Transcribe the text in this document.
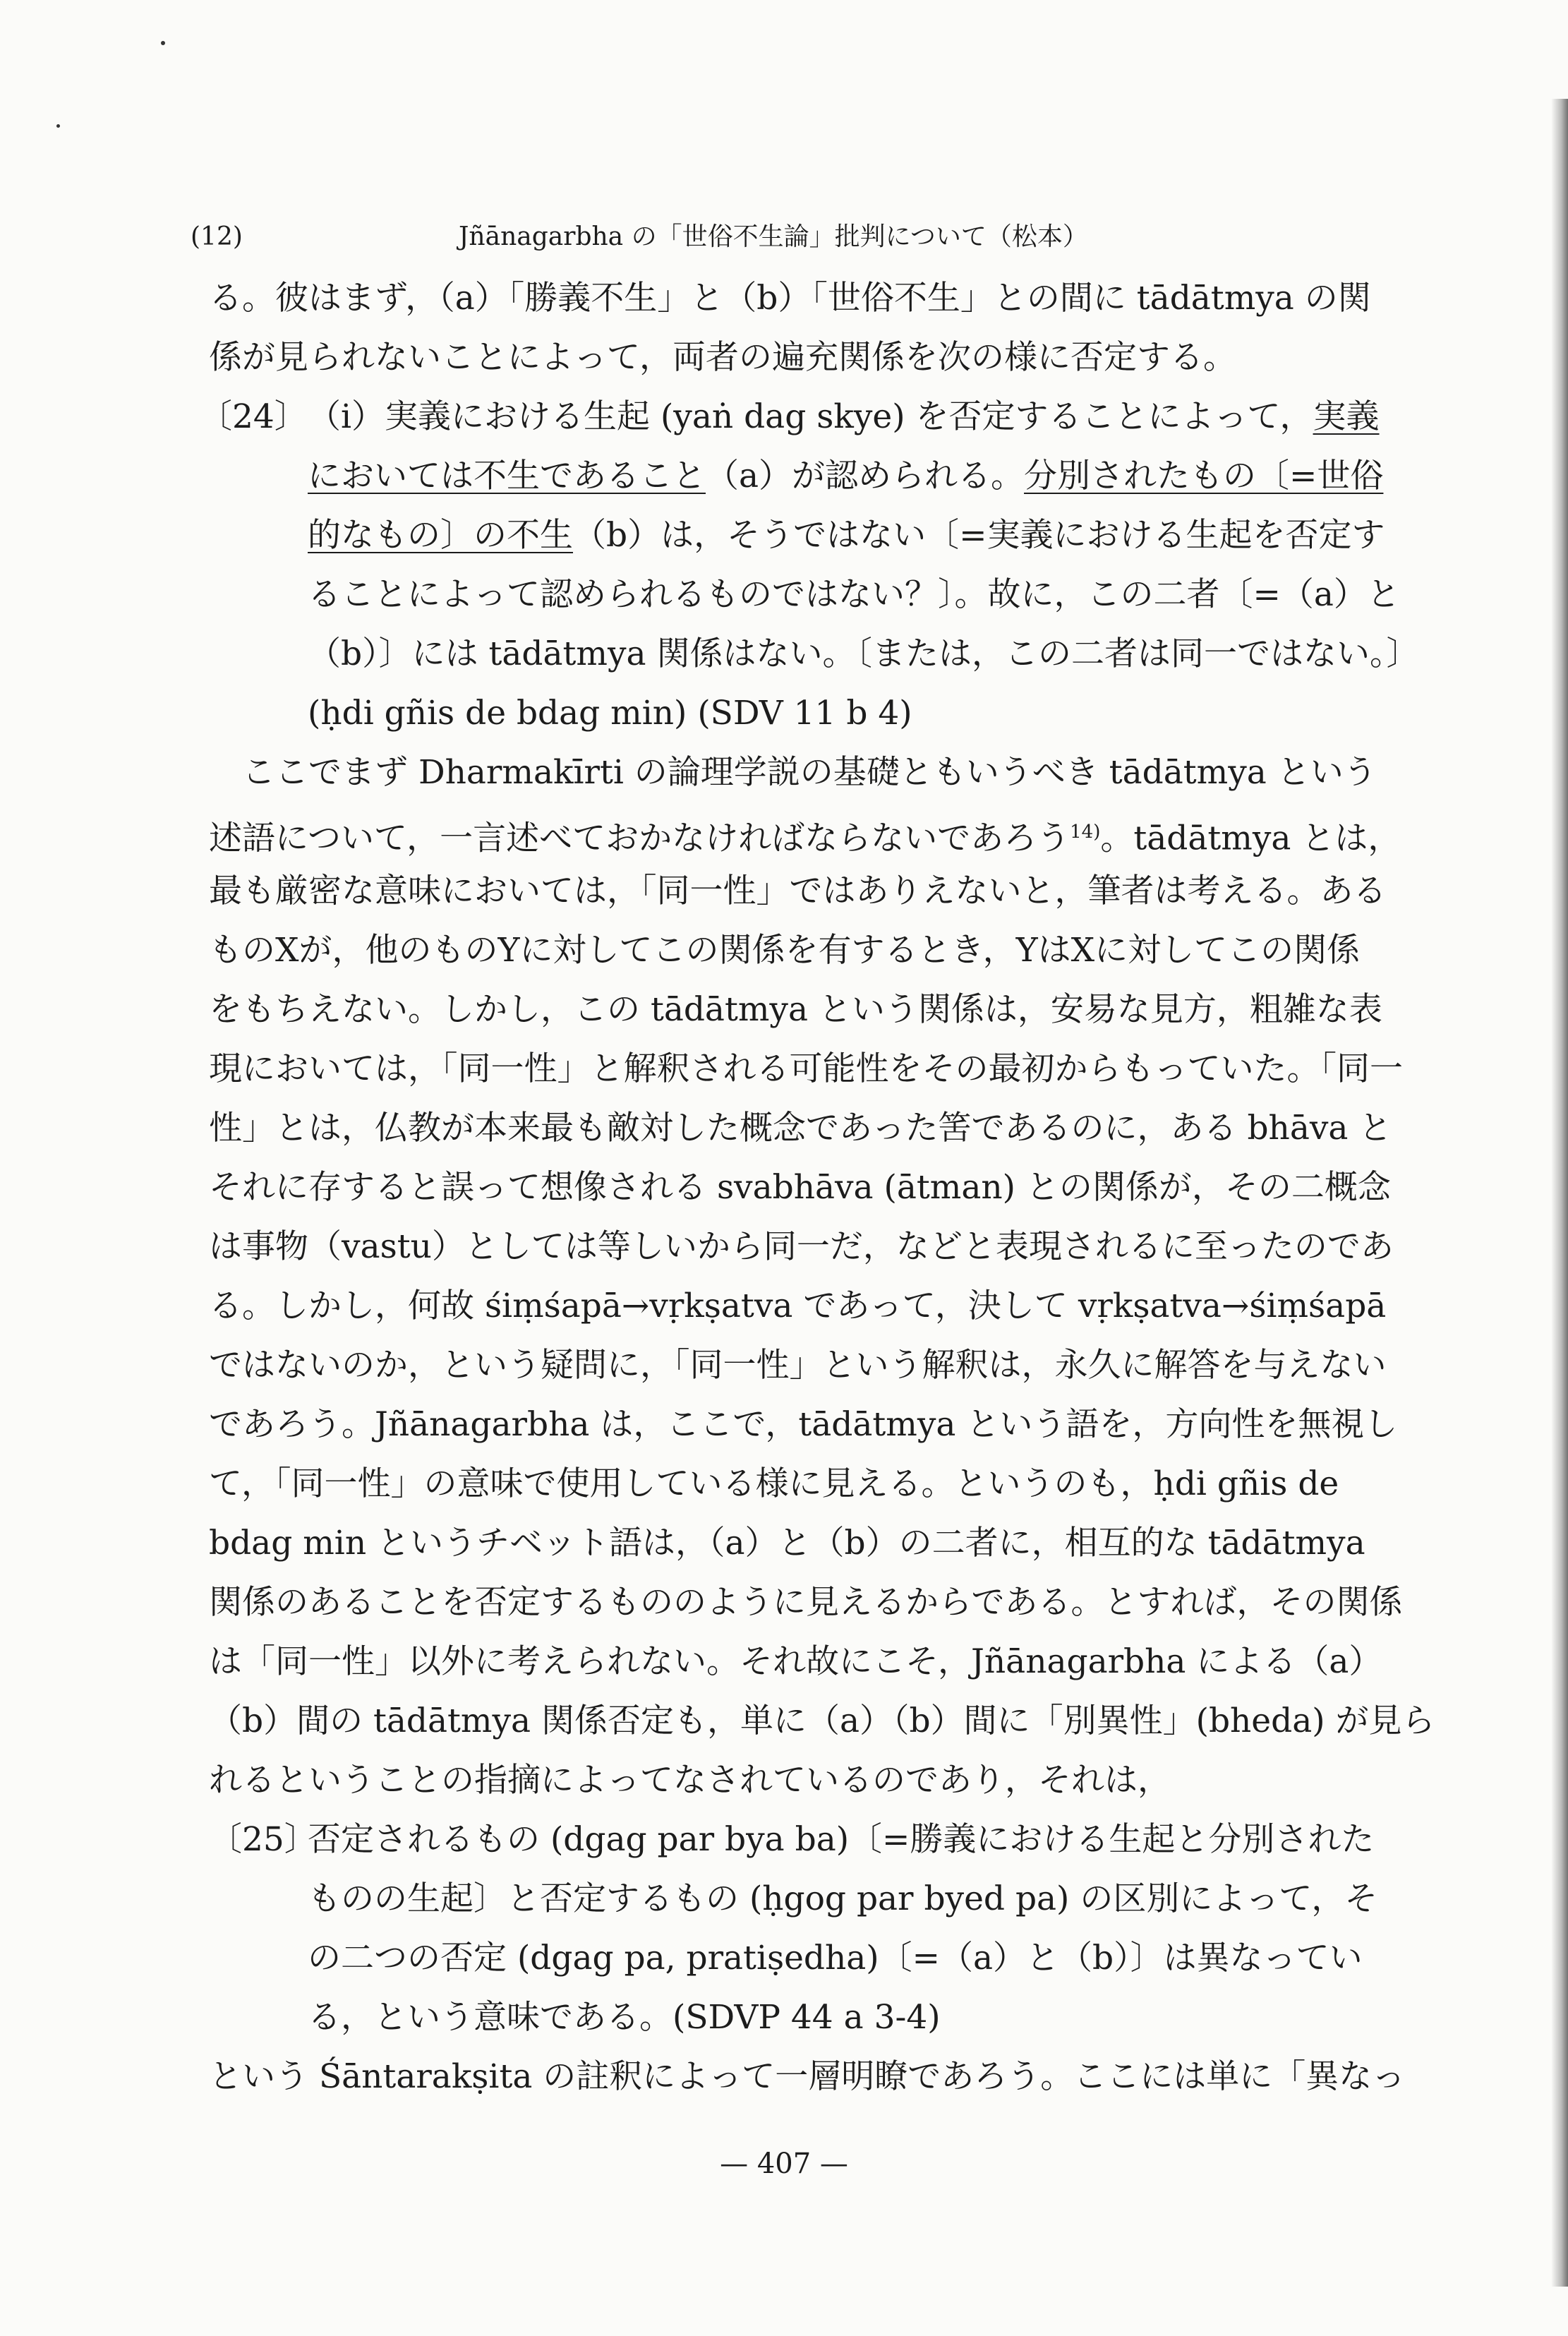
(12)	Jñānagarbha の「世俗不生論」批判について（松本）
る。彼はまず，（a）「勝義不生」と（b）「世俗不生」との間に tādātmya の関
係が見られないことによって，両者の遍充関係を次の様に否定する。
〔24〕 （i）実義における生起 (yaṅ dag skye) を否定することによって，実義
においては不生であること（a）が認められる。分別されたもの〔=世俗
的なもの〕の不生（b）は，そうではない〔=実義における生起を否定す
ることによって認められるものではない？〕。故に，この二者〔=（a）と
（b）〕には tādātmya 関係はない。〔または，この二者は同一ではない。〕
(ḥdi gñis de bdag min) (SDV 11 b 4)
　ここでまず Dharmakīrti の論理学説の基礎ともいうべき tādātmya という
述語について，一言述べておかなければならないであろう$^{14)}$。tādātmya とは，
最も厳密な意味においては，「同一性」ではありえないと，筆者は考える。ある
ものXが，他のものYに対してこの関係を有するとき，YはXに対してこの関係
をもちえない。しかし，この tādātmya という関係は，安易な見方，粗雑な表
現においては，「同一性」と解釈される可能性をその最初からもっていた。「同一
性」とは，仏教が本来最も敵対した概念であった筈であるのに，ある bhāva と
それに存すると誤って想像される svabhāva (ātman) との関係が，その二概念
は事物（vastu）としては等しいから同一だ，などと表現されるに至ったのであ
る。しかし，何故 śiṃśapā→vṛkṣatva であって，決して vṛkṣatva→śiṃśapā
ではないのか，という疑問に，「同一性」という解釈は，永久に解答を与えない
であろう。Jñānagarbha は，ここで，tādātmya という語を，方向性を無視し
て，「同一性」の意味で使用している様に見える。というのも，ḥdi gñis de
bdag min というチベット語は，（a）と（b）の二者に，相互的な tādātmya
関係のあることを否定するもののように見えるからである。とすれば，その関係
は「同一性」以外に考えられない。それ故にこそ，Jñānagarbha による（a）
（b）間の tādātmya 関係否定も，単に（a）（b）間に「別異性」(bheda) が見ら
れるということの指摘によってなされているのであり，それは，
〔25〕
否定されるもの (dgag par bya ba)〔=勝義における生起と分別された
ものの生起〕と否定するもの (ḥgog par byed pa) の区別によって，そ
の二つの否定 (dgag pa, pratiṣedha)〔=（a）と（b）〕は異なってい
る，という意味である。(SDVP 44 a 3-4)
という Śāntarakṣita の註釈によって一層明瞭であろう。ここには単に「異なっ
— 407 —
